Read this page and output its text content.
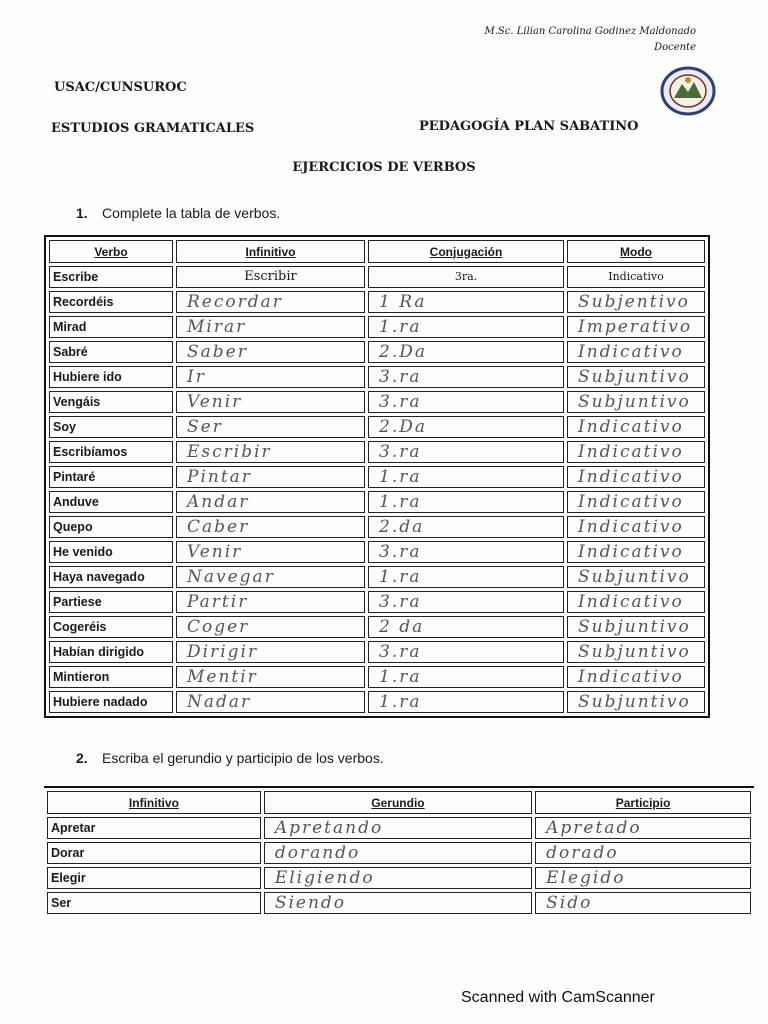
M.Sc. Lilian Carolina Godinez Maldonado
Docente
USAC/CUNSUROC
ESTUDIOS GRAMATICALES	PEDAGOGÍA PLAN SABATINO
EJERCICIOS DE VERBOS
1. Complete la tabla de verbos.
Verbo	Infinitivo	Conjugación	Modo
Escribe	Escribir	3ra.	Indicativo
Recordéis	Recordar	1 Ra	Subjentivo
Mirad	Mirar	1.ra	Imperativo
Sabré	Saber	2.Da	Indicativo
Hubiere ido	Ir	3.ra	Subjuntivo
Vengáis	Venir	3.ra	Subjuntivo
Soy	Ser	2.Da	Indicativo
Escribíamos	Escribir	3.ra	Indicativo
Pintaré	Pintar	1.ra	Indicativo
Anduve	Andar	1.ra	Indicativo
Quepo	Caber	2.da	Indicativo
He venido	Venir	3.ra	Indicativo
Haya navegado	Navegar	1.ra	Subjuntivo
Partiese	Partir	3.ra	Indicativo
Cogeréis	Coger	2 da	Subjuntivo
Habían dirigido	Dirigir	3.ra	Subjuntivo
Mintieron	Mentir	1.ra	Indicativo
Hubiere nadado	Nadar	1.ra	Subjuntivo
2. Escriba el gerundio y participio de los verbos.
Infinitivo	Gerundio	Participio
Apretar	Apretando	Apretado
Dorar	dorando	dorado
Elegir	Eligiendo	Elegido
Ser	Siendo	Sido
Scanned with CamScanner
